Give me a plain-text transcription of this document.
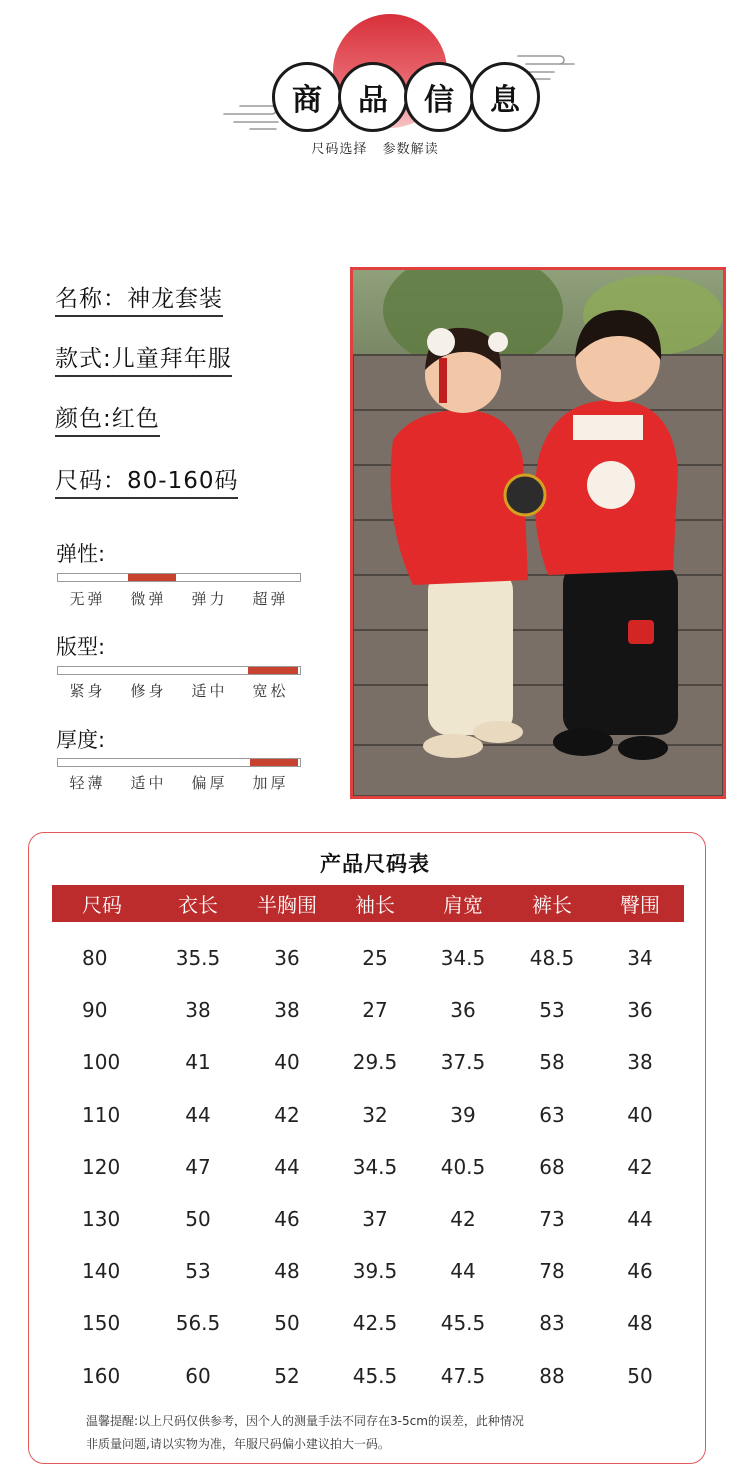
商	品	信	息
尺码选择 参数解读
名称：神龙套装
款式:儿童拜年服
颜色:红色
尺码：80-160码
弹性:
无弹	微弹	弹力	超弹
版型:
紧身	修身	适中	宽松
厚度:
轻薄	适中	偏厚	加厚
产品尺码表
尺码	衣长	半胸围	袖长	肩宽	裤长	臀围
80	35.5	36	25	34.5	48.5	34
90	38	38	27	36	53	36
100	41	40	29.5	37.5	58	38
110	44	42	32	39	63	40
120	47	44	34.5	40.5	68	42
130	50	46	37	42	73	44
140	53	48	39.5	44	78	46
150	56.5	50	42.5	45.5	83	48
160	60	52	45.5	47.5	88	50
温馨提醒:以上尺码仅供参考，因个人的测量手法不同存在3-5cm的误差，此种情况
非质量问题,请以实物为准，年服尺码偏小建议拍大一码。
